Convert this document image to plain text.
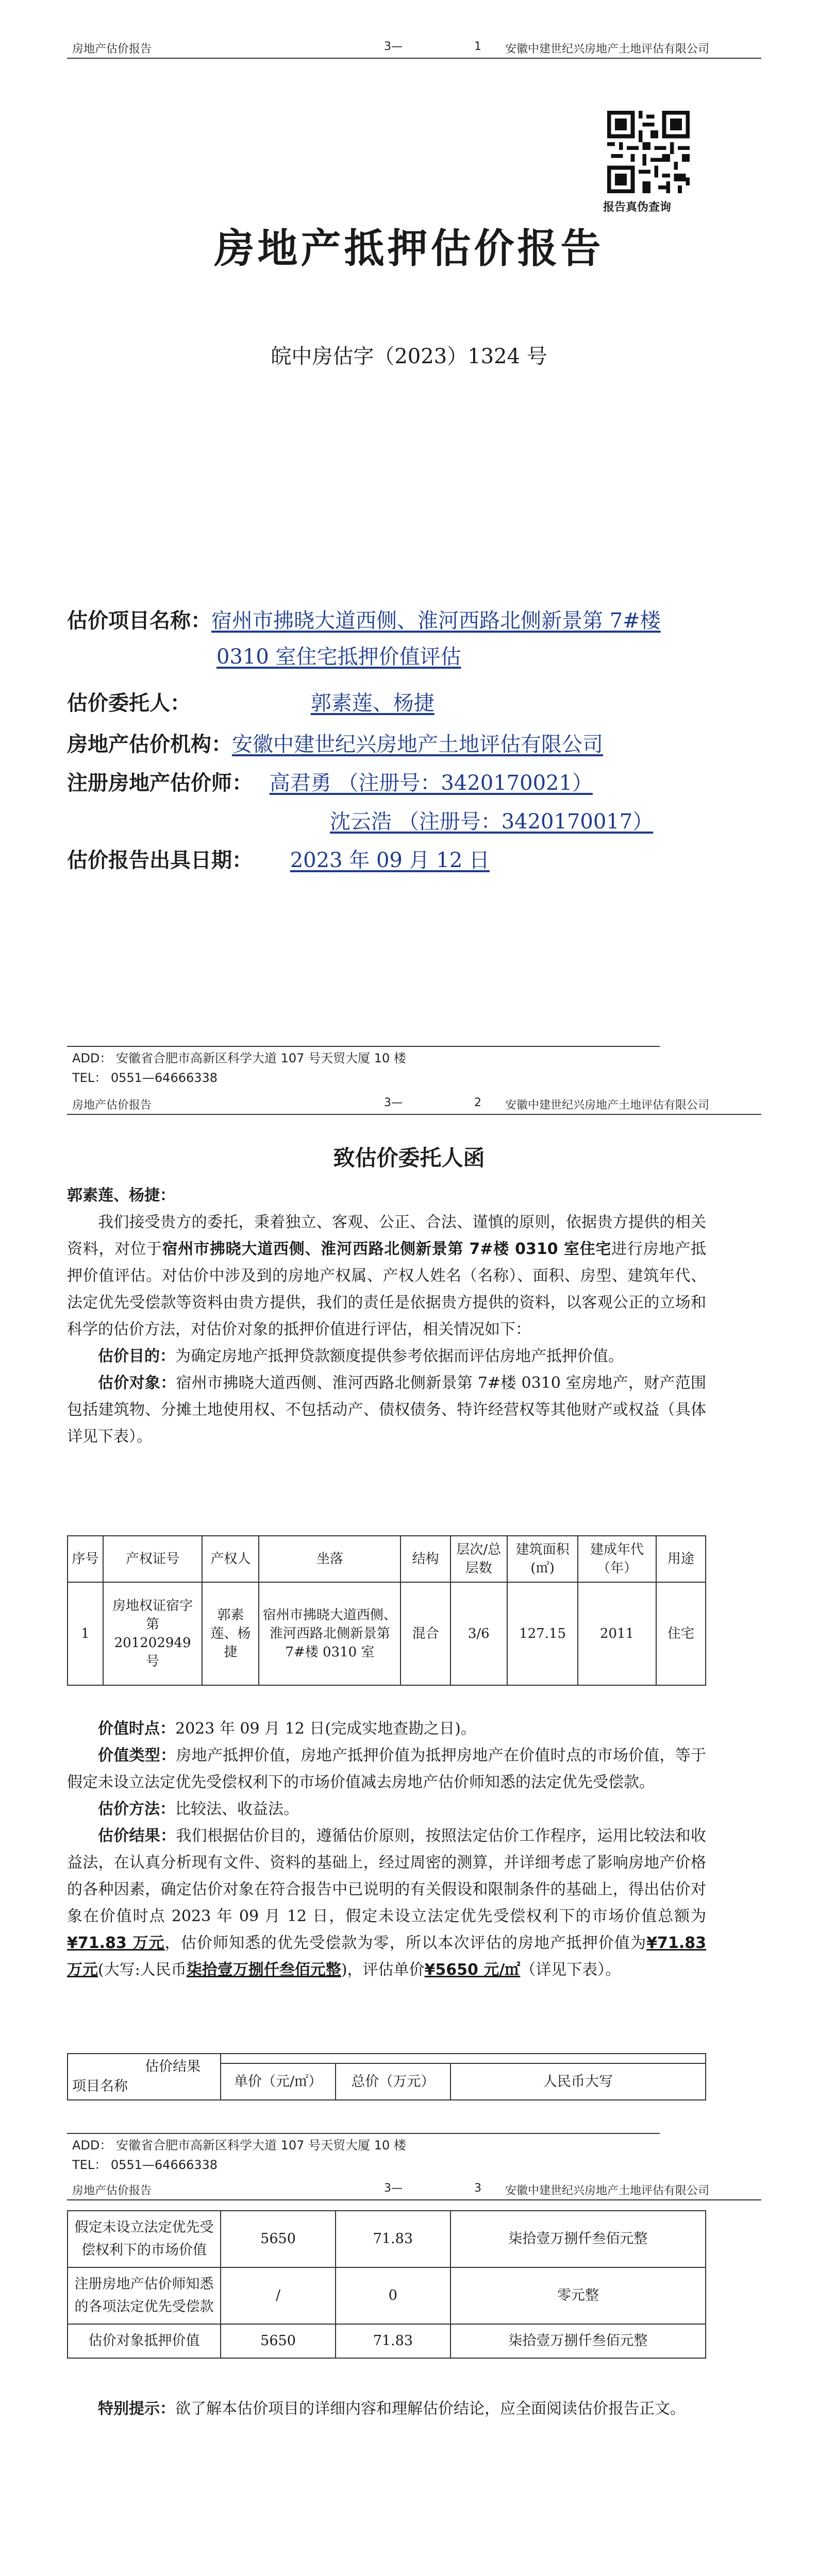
房地产估价报告	3—	1 安徽中建世纪兴房地产土地评估有限公司
报告真伪查询
房地产抵押估价报告
皖中房估字（2023）1324 号
估价项目名称：宿州市拂晓大道西侧、淮河西路北侧新景第 7#楼
0310 室住宅抵押价值评估
估价委托人：	郭素莲、杨捷
房地产估价机构：安徽中建世纪兴房地产土地评估有限公司
注册房地产估价师： 高君勇 （注册号：3420170021）
沈云浩 （注册号：3420170017）
估价报告出具日期： 2023 年 09 月 12 日
ADD： 安徽省合肥市高新区科学大道 107 号天贸大厦 10 楼
TEL： 0551—64666338
房地产估价报告	3—	2 安徽中建世纪兴房地产土地评估有限公司
致估价委托人函
郭素莲、杨捷：
我们接受贵方的委托，秉着独立、客观、公正、合法、谨慎的原则，依据贵方提供的相关资料，对位于宿州市拂晓大道西侧、淮河西路北侧新景第 7#楼 0310 室住宅进行房地产抵押价值评估。对估价中涉及到的房地产权属、产权人姓名（名称）、面积、房型、建筑年代、法定优先受偿款等资料由贵方提供，我们的责任是依据贵方提供的资料，以客观公正的立场和科学的估价方法，对估价对象的抵押价值进行评估，相关情况如下：
估价目的：为确定房地产抵押贷款额度提供参考依据而评估房地产抵押价值。
估价对象：宿州市拂晓大道西侧、淮河西路北侧新景第 7#楼 0310 室房地产，财产范围包括建筑物、分摊土地使用权、不包括动产、债权债务、特许经营权等其他财产或权益（具体详见下表）。
序号	产权证号	产权人	坐落	结构	层次/总层数	建筑面积(㎡)	建成年代（年）	用途
1	房地权证宿字第 201202949 号	郭素莲、杨捷	宿州市拂晓大道西侧、淮河西路北侧新景第 7#楼 0310 室	混合	3/6	127.15	2011	住宅
价值时点：2023 年 09 月 12 日(完成实地查勘之日)。
价值类型：房地产抵押价值，房地产抵押价值为抵押房地产在价值时点的市场价值，等于假定未设立法定优先受偿权利下的市场价值减去房地产估价师知悉的法定优先受偿款。
估价方法：比较法、收益法。
估价结果：我们根据估价目的，遵循估价原则，按照法定估价工作程序，运用比较法和收益法，在认真分析现有文件、资料的基础上，经过周密的测算，并详细考虑了影响房地产价格的各种因素，确定估价对象在符合报告中已说明的有关假设和限制条件的基础上，得出估价对象在价值时点 2023 年 09 月 12 日，假定未设立法定优先受偿权利下的市场价值总额为¥71.83 万元，估价师知悉的优先受偿款为零，所以本次评估的房地产抵押价值为¥71.83 万元(大写:人民币柒拾壹万捌仟叁佰元整)，评估单价¥5650 元/㎡（详见下表）。
估价结果
项目名称			

	单价（元/㎡）	总价（万元）	人民币大写
ADD： 安徽省合肥市高新区科学大道 107 号天贸大厦 10 楼
TEL： 0551—64666338
房地产估价报告	3—	3 安徽中建世纪兴房地产土地评估有限公司
假定未设立法定优先受偿权利下的市场价值	5650	71.83	柒拾壹万捌仟叁佰元整
注册房地产估价师知悉的各项法定优先受偿款	/	0	零元整
估价对象抵押价值	5650	71.83	柒拾壹万捌仟叁佰元整
特别提示：欲了解本估价项目的详细内容和理解估价结论，应全面阅读估价报告正文。
